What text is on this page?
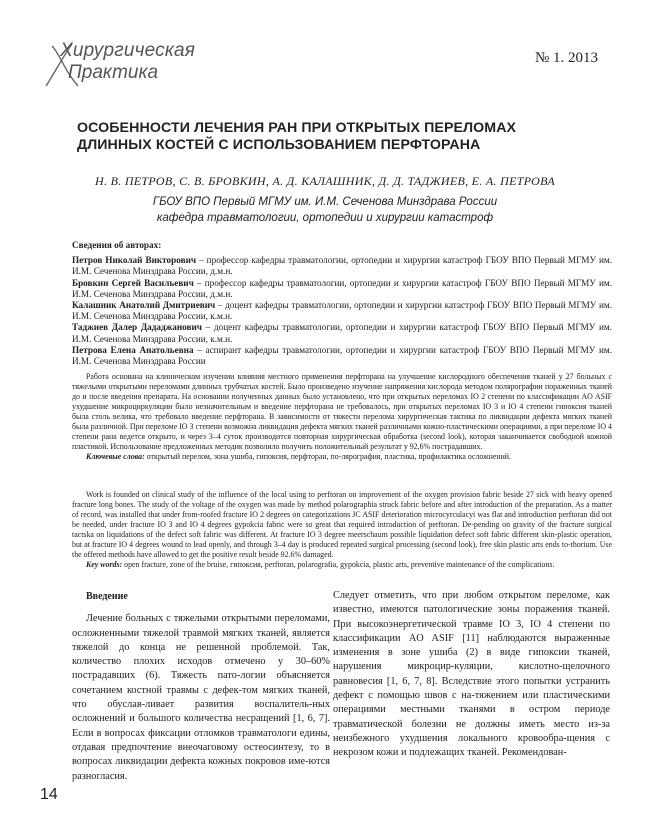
Хирургическая
Практика
№ 1. 2013
ОСОБЕННОСТИ ЛЕЧЕНИЯ РАН ПРИ ОТКРЫТЫХ ПЕРЕЛОМАХ ДЛИННЫХ КОСТЕЙ С ИСПОЛЬЗОВАНИЕМ ПЕРФТОРАНА
Н. В. ПЕТРОВ, С. В. БРОВКИН, А. Д. КАЛАШНИК, Д. Д. ТАДЖИЕВ, Е. А. ПЕТРОВА
ГБОУ ВПО Первый МГМУ им. И.М. Сеченова Минздрава России
кафедра травматологии, ортопедии и хирургии катастроф
Сведения об авторах:
Петров Николай Викторович – профессор кафедры травматологии, ортопедии и хирургии катастроф ГБОУ ВПО Первый МГМУ им. И.М. Сеченова Минздрава России, д.м.н.
Бровкин Сергей Васильевич – профессор кафедры травматологии, ортопедии и хирургии катастроф ГБОУ ВПО Первый МГМУ им. И.М. Сеченова Минздрава России, д.м.н.
Калашник Анатолий Дмитриевич – доцент кафедры травматологии, ортопедии и хирургии катастроф ГБОУ ВПО Первый МГМУ им. И.М. Сеченова Минздрава России, к.м.н.
Таджиев Далер Дададжанович – доцент кафедры травматологии, ортопедии и хирургии катастроф ГБОУ ВПО Первый МГМУ им. И.М. Сеченова Минздрава России, к.м.н.
Петрова Елена Анатольевна – аспирант кафедры травматологии, ортопедии и хирургии катастроф ГБОУ ВПО Первый МГМУ им. И.М. Сеченова Минздрава России
Работа основана на клиническом изучении влияния местного применения перфторана на улучшение кислородного обеспечения тканей у 27 больных с тяжелыми открытыми переломами длинных трубчатых костей. Было произведено изучение напряжения кислорода методом полярографии пораженных тканей до и после введения препарата. На основании полученных данных было установлено, что при открытых переломах IO 2 степени по классификации AO ASIF ухудшение микроциркуляции было незначительным и введение перфторана не требовалось, при открытых переломах IO 3 и IO 4 степени гипоксия тканей была столь велика, что требовало введение перфторана. В зависимости от тяжести перелома хирургическая тактика по ликвидации дефекта мягких тканей была различной. При переломе IO 3 степени возможна ликвидация дефекта мягких тканей различными кожно-пластическими операциями, а при переломе IO 4 степени рана ведется открыто, и через 3–4 суток производится повторная хирургическая обработка (second look), которая заканчивается свободной кожной пластикой. Использование предложенных методик позволило получить положительный результат у 92,6% пострадавших.
Ключевые слова: открытый перелом, зона ушиба, гипоксия, перфторан, по-лярография, пластика, профилактика осложнений.
Work is founded on clinical study of the influence of the local using to perftoran on improvement of the oxygen provision fabric beside 27 sick with heavy opened fracture long bones. The study of the voltage of the oxygen was made by method polarographia struck fabric before and after introduction of the preparation. As a matter of record, was installed that under from-roofed fracture IO 2 degrees on categorizations JC ASIF deterioration microcyrculacyi was flat and introduction perftoran did not be needed, under fracture IO 3 and IO 4 degrees gypokcia fabric were so great that required introduction of perftoran. De-pending on gravity of the fracture surgical tactska on liquidations of the defect soft fabric was different. At fracture IO 3 degree meerschaum possible liquidation defect soft fabric different skin-plastic operation, but at fracture IO 4 degrees wound to lead openly, and through 3–4 day is produced repeated surgical processing (second look), free skin plastic arts ends to-thorium. Use the offered methods have allowed to get the positive result beside 92.6% damaged.
Key words: open fracture, zone of the bruise, гипоксия, perftoran, polarografia, gypokcia, plastic arts, preventive maintenance of the complications.
Введение
Лечение больных с тяжелыми открытыми переломами, осложненными тяжелой травмой мягких тканей, является тяжелой до конца не решенной проблемой. Так, количество плохих исходов отмечено у 30–60% пострадавших (6). Тяжесть пато-логии объясняется сочетанием костной травмы с дефек-том мягких тканей, что обуслав-ливает развития воспалитель-ных осложнений и большого количества несращений [1, 6, 7]. Если в вопросах фиксации отломков травматологи едины, отдавая предпочтение внеочаговому остеосинтезу, то в вопросах ликвидации дефекта кожных покровов име-ются разногласия.
Следует отметить, что при любом открытом переломе, как известно, имеются патологические зоны поражения тканей. При высокоэнергетической травме IO 3, IO 4 степени по классификации AO ASIF [11] наблюдаются выраженные изменения в зоне ушиба (2) в виде гипоксии тканей, нарушения микроцир-куляции, кислотно-щелочного равновесия [1, 6, 7, 8]. Вследствие этого попытки устранить дефект с помощью швов с на-тяжением или пластическими операциями местными тканями в остром периоде травматической болезни не должны иметь место из-за неизбежного ухудшения локального кровообра-щения с некрозом кожи и подлежащих тканей. Рекомендован-
14
